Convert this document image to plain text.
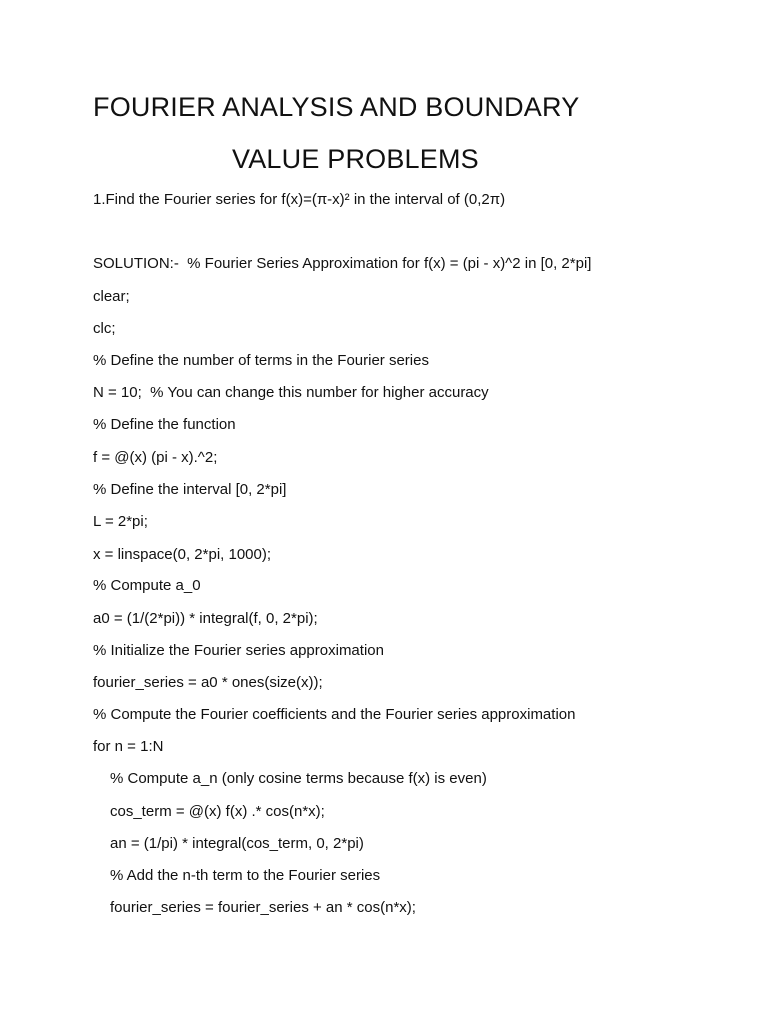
FOURIER ANALYSIS AND BOUNDARY
VALUE PROBLEMS
1.Find the Fourier series for f(x)=(π-x)² in the interval of (0,2π)
SOLUTION:-  % Fourier Series Approximation for f(x) = (pi - x)^2 in [0, 2*pi]
clear;
clc;
% Define the number of terms in the Fourier series
N = 10;  % You can change this number for higher accuracy
% Define the function
f = @(x) (pi - x).^2;
% Define the interval [0, 2*pi]
L = 2*pi;
x = linspace(0, 2*pi, 1000);
% Compute a_0
a0 = (1/(2*pi)) * integral(f, 0, 2*pi);
% Initialize the Fourier series approximation
fourier_series = a0 * ones(size(x));
% Compute the Fourier coefficients and the Fourier series approximation
for n = 1:N
% Compute a_n (only cosine terms because f(x) is even)
cos_term = @(x) f(x) .* cos(n*x);
an = (1/pi) * integral(cos_term, 0, 2*pi)
% Add the n-th term to the Fourier series
fourier_series = fourier_series + an * cos(n*x);
